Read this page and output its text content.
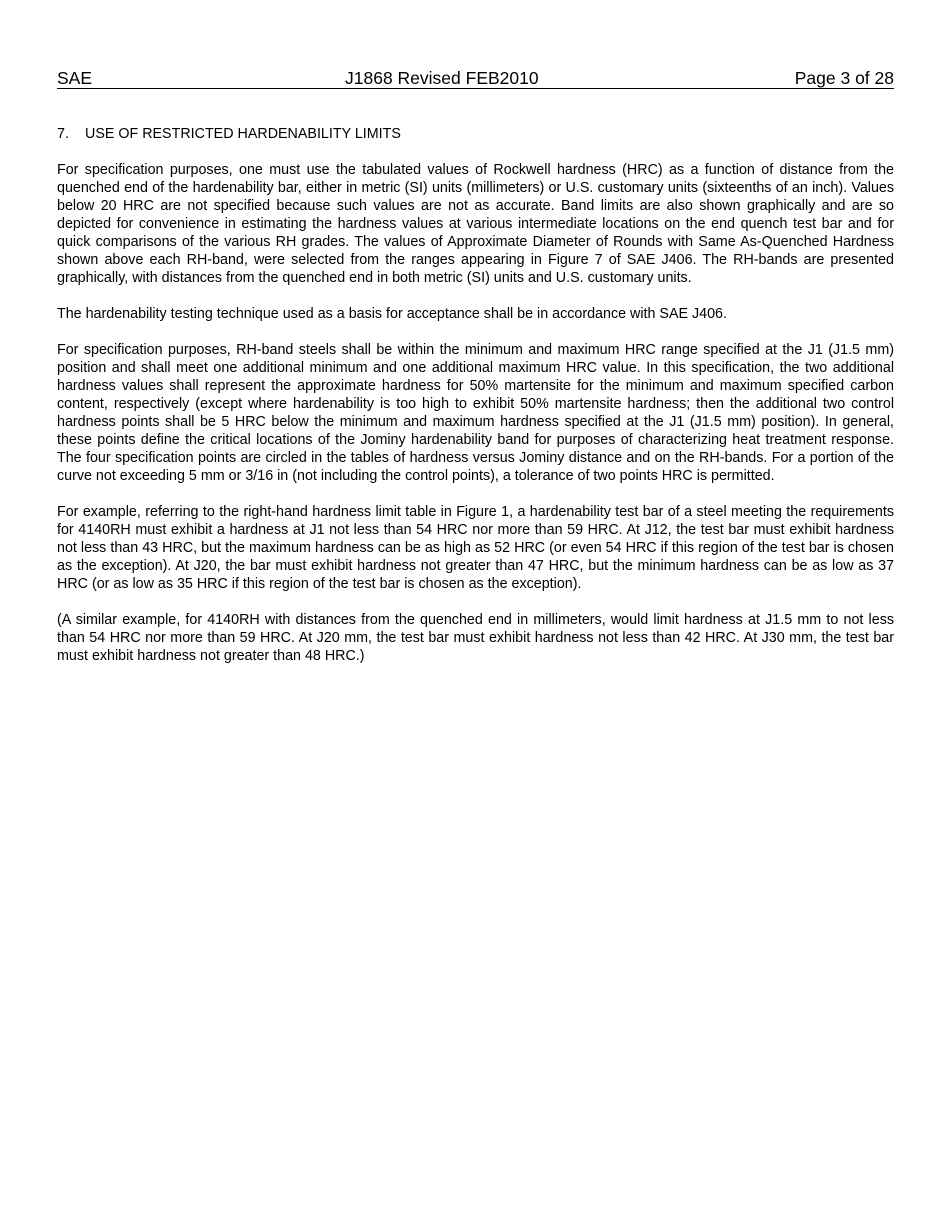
SAE	J1868 Revised FEB2010	Page 3 of 28
7. USE OF RESTRICTED HARDENABILITY LIMITS

For specification purposes, one must use the tabulated values of Rockwell hardness (HRC) as a function of distance from the quenched end of the hardenability bar, either in metric (SI) units (millimeters) or U.S. customary units (sixteenths of an inch). Values below 20 HRC are not specified because such values are not as accurate. Band limits are also shown graphically and are so depicted for convenience in estimating the hardness values at various intermediate locations on the end quench test bar and for quick comparisons of the various RH grades. The values of Approximate Diameter of Rounds with Same As-Quenched Hardness shown above each RH-band, were selected from the ranges appearing in Figure 7 of SAE J406. The RH-bands are presented graphically, with distances from the quenched end in both metric (SI) units and U.S. customary units.

The hardenability testing technique used as a basis for acceptance shall be in accordance with SAE J406.

For specification purposes, RH-band steels shall be within the minimum and maximum HRC range specified at the J1 (J1.5 mm) position and shall meet one additional minimum and one additional maximum HRC value. In this specification, the two additional hardness values shall represent the approximate hardness for 50% martensite for the minimum and maximum specified carbon content, respectively (except where hardenability is too high to exhibit 50% martensite hardness; then the additional two control hardness points shall be 5 HRC below the minimum and maximum hardness specified at the J1 (J1.5 mm) position). In general, these points define the critical locations of the Jominy hardenability band for purposes of characterizing heat treatment response. The four specification points are circled in the tables of hardness versus Jominy distance and on the RH-bands. For a portion of the curve not exceeding 5 mm or 3/16 in (not including the control points), a tolerance of two points HRC is permitted.

For example, referring to the right-hand hardness limit table in Figure 1, a hardenability test bar of a steel meeting the requirements for 4140RH must exhibit a hardness at J1 not less than 54 HRC nor more than 59 HRC. At J12, the test bar must exhibit hardness not less than 43 HRC, but the maximum hardness can be as high as 52 HRC (or even 54 HRC if this region of the test bar is chosen as the exception). At J20, the bar must exhibit hardness not greater than 47 HRC, but the minimum hardness can be as low as 37 HRC (or as low as 35 HRC if this region of the test bar is chosen as the exception).

(A similar example, for 4140RH with distances from the quenched end in millimeters, would limit hardness at J1.5 mm to not less than 54 HRC nor more than 59 HRC. At J20 mm, the test bar must exhibit hardness not less than 42 HRC. At J30 mm, the test bar must exhibit hardness not greater than 48 HRC.)
